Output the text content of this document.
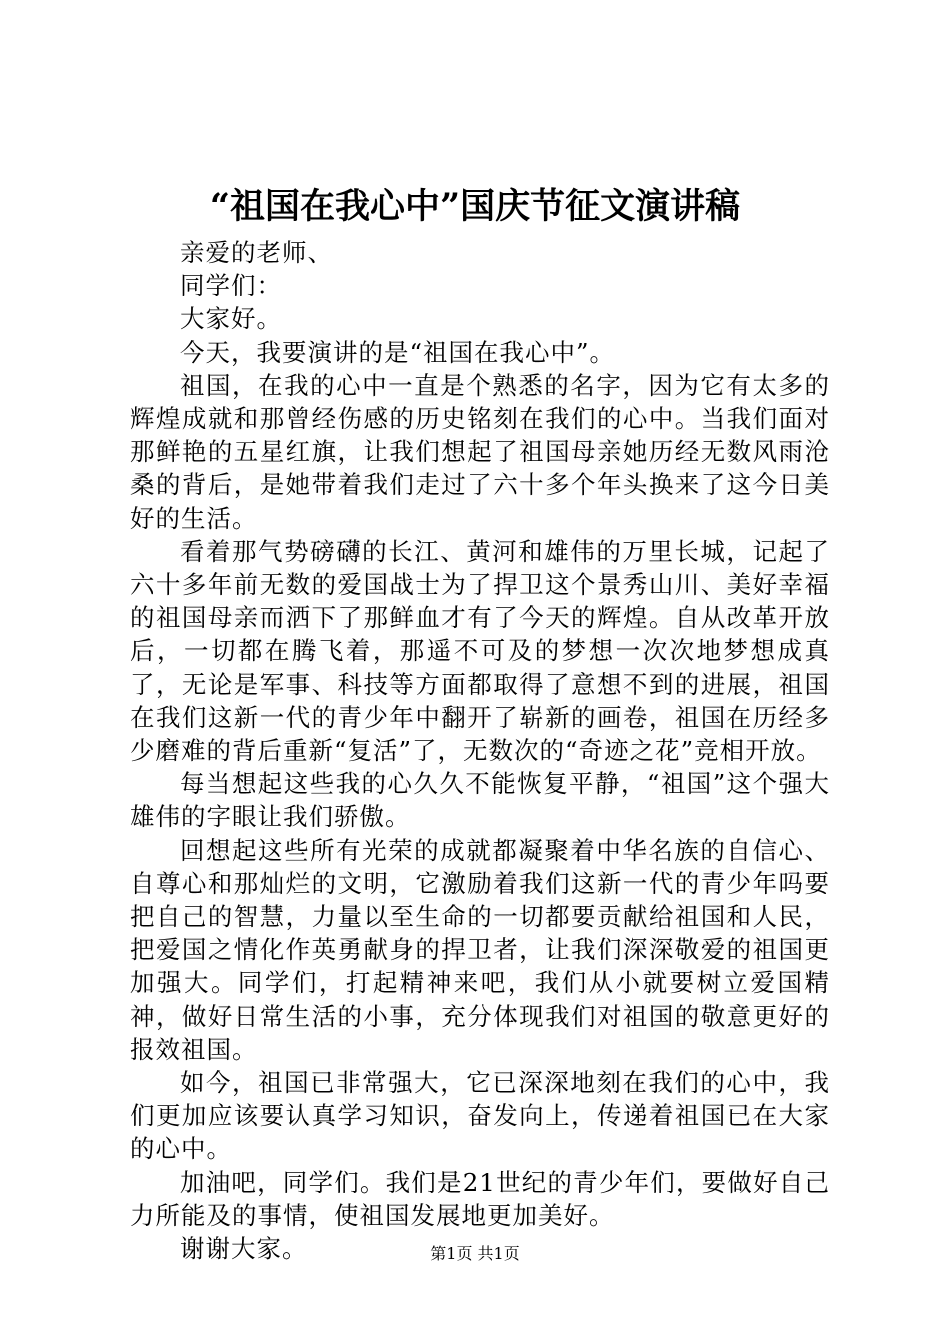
“祖国在我心中”国庆节征文演讲稿

亲爱的老师、

同学们：

大家好。

今天，我要演讲的是“祖国在我心中”。

祖国，在我的心中一直是个熟悉的名字，因为它有太多的辉煌成就和那曾经伤感的历史铭刻在我们的心中。当我们面对那鲜艳的五星红旗，让我们想起了祖国母亲她历经无数风雨沧桑的背后，是她带着我们走过了六十多个年头换来了这今日美好的生活。

看着那气势磅礴的长江、黄河和雄伟的万里长城，记起了六十多年前无数的爱国战士为了捍卫这个景秀山川、美好幸福的祖国母亲而洒下了那鲜血才有了今天的辉煌。自从改革开放后，一切都在腾飞着，那遥不可及的梦想一次次地梦想成真了，无论是军事、科技等方面都取得了意想不到的进展，祖国在我们这新一代的青少年中翻开了崭新的画卷，祖国在历经多少磨难的背后重新“复活”了，无数次的“奇迹之花”竞相开放。

每当想起这些我的心久久不能恢复平静，“祖国”这个强大雄伟的字眼让我们骄傲。

回想起这些所有光荣的成就都凝聚着中华名族的自信心、自尊心和那灿烂的文明，它激励着我们这新一代的青少年吗要把自己的智慧，力量以至生命的一切都要贡献给祖国和人民，把爱国之情化作英勇献身的捍卫者，让我们深深敬爱的祖国更加强大。同学们，打起精神来吧，我们从小就要树立爱国精神，做好日常生活的小事，充分体现我们对祖国的敬意更好的报效祖国。

如今，祖国已非常强大，它已深深地刻在我们的心中，我们更加应该要认真学习知识，奋发向上，传递着祖国已在大家的心中。

加油吧，同学们。我们是21世纪的青少年们，要做好自己力所能及的事情，使祖国发展地更加美好。

谢谢大家。	第1页 共1页
